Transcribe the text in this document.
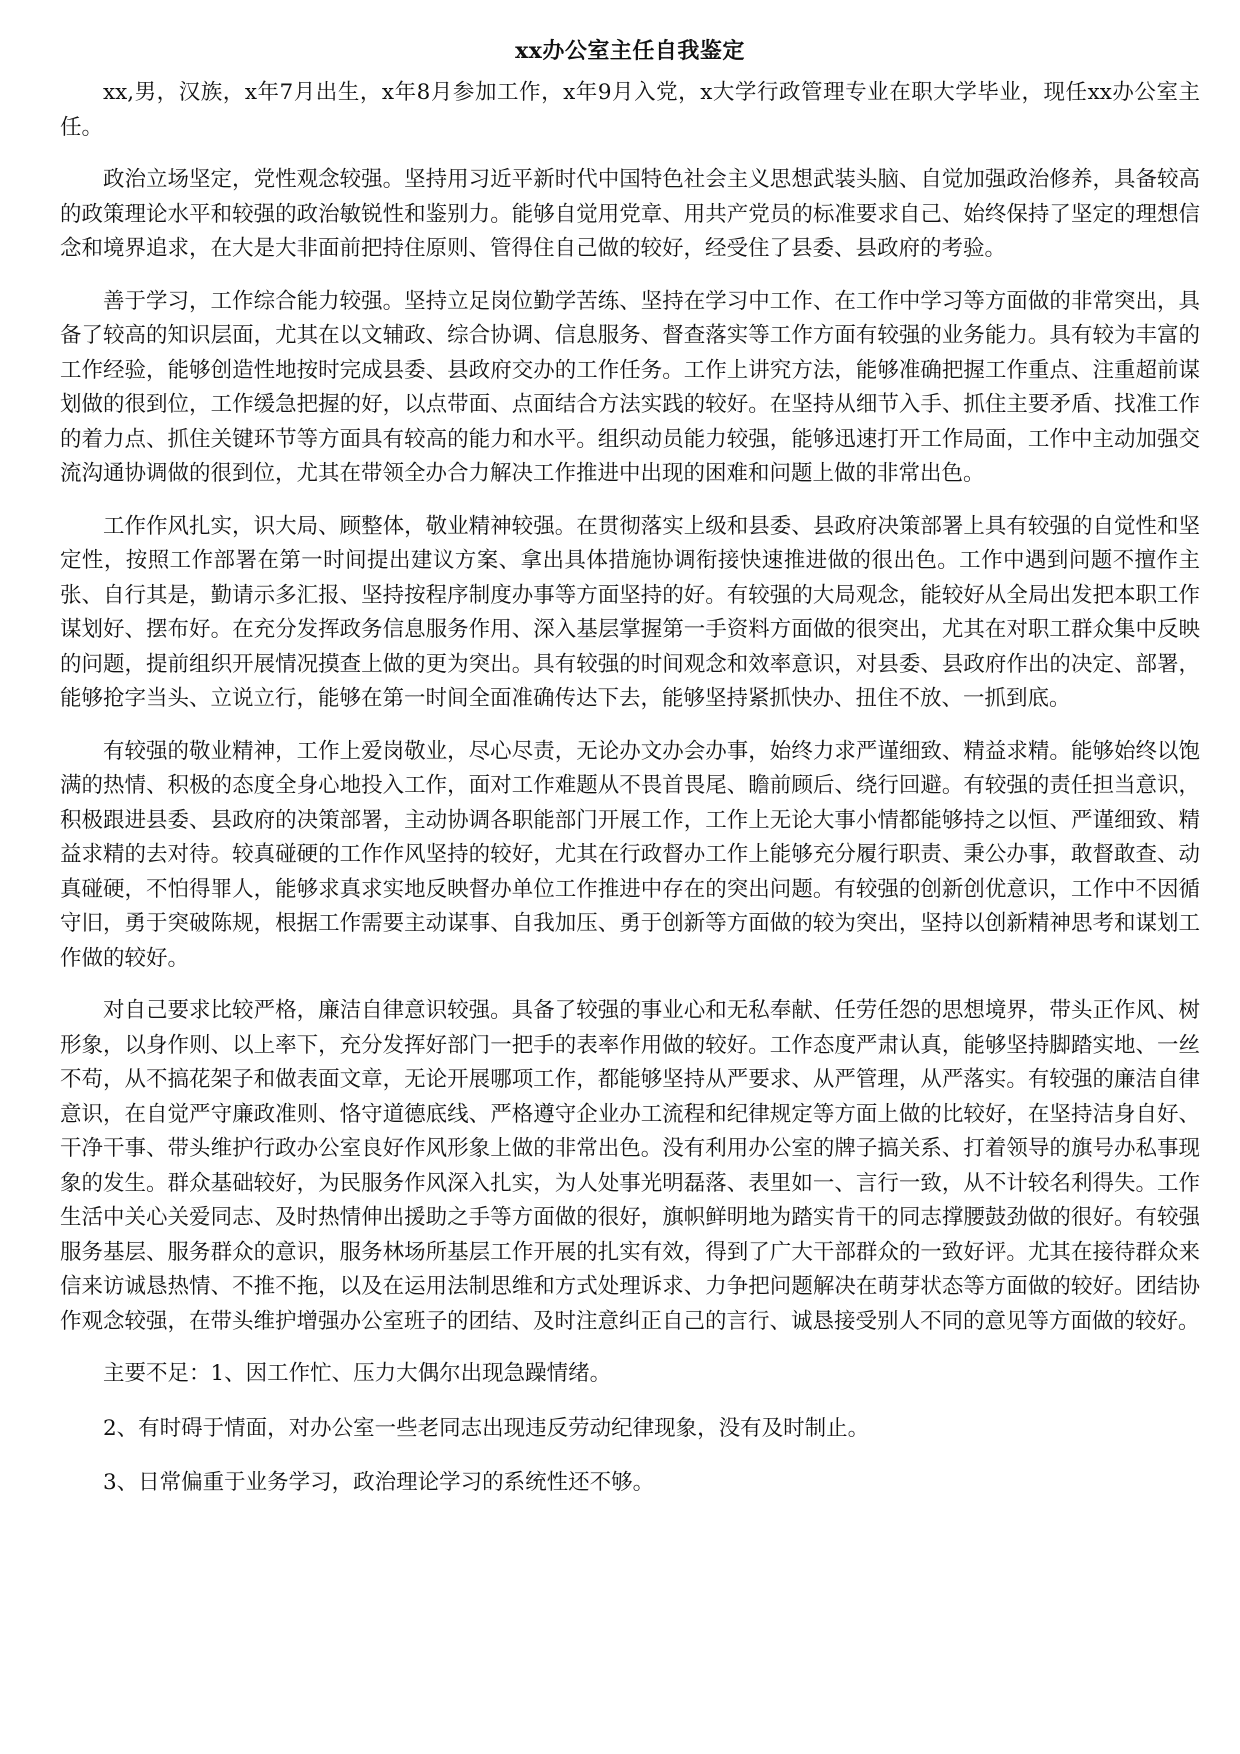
xx办公室主任自我鉴定

xx,男，汉族，x年7月出生，x年8月参加工作，x年9月入党，x大学行政管理专业在职大学毕业，现任xx办公室主任。

政治立场坚定，党性观念较强。坚持用习近平新时代中国特色社会主义思想武装头脑、自觉加强政治修养，具备较高的政策理论水平和较强的政治敏锐性和鉴别力。能够自觉用党章、用共产党员的标准要求自己、始终保持了坚定的理想信念和境界追求，在大是大非面前把持住原则、管得住自己做的较好，经受住了县委、县政府的考验。

善于学习，工作综合能力较强。坚持立足岗位勤学苦练、坚持在学习中工作、在工作中学习等方面做的非常突出，具备了较高的知识层面，尤其在以文辅政、综合协调、信息服务、督查落实等工作方面有较强的业务能力。具有较为丰富的工作经验，能够创造性地按时完成县委、县政府交办的工作任务。工作上讲究方法，能够准确把握工作重点、注重超前谋划做的很到位，工作缓急把握的好，以点带面、点面结合方法实践的较好。在坚持从细节入手、抓住主要矛盾、找准工作的着力点、抓住关键环节等方面具有较高的能力和水平。组织动员能力较强，能够迅速打开工作局面，工作中主动加强交流沟通协调做的很到位，尤其在带领全办合力解决工作推进中出现的困难和问题上做的非常出色。

工作作风扎实，识大局、顾整体，敬业精神较强。在贯彻落实上级和县委、县政府决策部署上具有较强的自觉性和坚定性，按照工作部署在第一时间提出建议方案、拿出具体措施协调衔接快速推进做的很出色。工作中遇到问题不擅作主张、自行其是，勤请示多汇报、坚持按程序制度办事等方面坚持的好。有较强的大局观念，能较好从全局出发把本职工作谋划好、摆布好。在充分发挥政务信息服务作用、深入基层掌握第一手资料方面做的很突出，尤其在对职工群众集中反映的问题，提前组织开展情况摸查上做的更为突出。具有较强的时间观念和效率意识，对县委、县政府作出的决定、部署，能够抢字当头、立说立行，能够在第一时间全面准确传达下去，能够坚持紧抓快办、扭住不放、一抓到底。

有较强的敬业精神，工作上爱岗敬业，尽心尽责，无论办文办会办事，始终力求严谨细致、精益求精。能够始终以饱满的热情、积极的态度全身心地投入工作，面对工作难题从不畏首畏尾、瞻前顾后、绕行回避。有较强的责任担当意识，积极跟进县委、县政府的决策部署，主动协调各职能部门开展工作，工作上无论大事小情都能够持之以恒、严谨细致、精益求精的去对待。较真碰硬的工作作风坚持的较好，尤其在行政督办工作上能够充分履行职责、秉公办事，敢督敢查、动真碰硬，不怕得罪人，能够求真求实地反映督办单位工作推进中存在的突出问题。有较强的创新创优意识，工作中不因循守旧，勇于突破陈规，根据工作需要主动谋事、自我加压、勇于创新等方面做的较为突出，坚持以创新精神思考和谋划工作做的较好。

对自己要求比较严格，廉洁自律意识较强。具备了较强的事业心和无私奉献、任劳任怨的思想境界，带头正作风、树形象，以身作则、以上率下，充分发挥好部门一把手的表率作用做的较好。工作态度严肃认真，能够坚持脚踏实地、一丝不苟，从不搞花架子和做表面文章，无论开展哪项工作，都能够坚持从严要求、从严管理，从严落实。有较强的廉洁自律意识，在自觉严守廉政准则、恪守道德底线、严格遵守企业办工流程和纪律规定等方面上做的比较好，在坚持洁身自好、干净干事、带头维护行政办公室良好作风形象上做的非常出色。没有利用办公室的牌子搞关系、打着领导的旗号办私事现象的发生。群众基础较好，为民服务作风深入扎实，为人处事光明磊落、表里如一、言行一致，从不计较名利得失。工作生活中关心关爱同志、及时热情伸出援助之手等方面做的很好，旗帜鲜明地为踏实肯干的同志撑腰鼓劲做的很好。有较强服务基层、服务群众的意识，服务林场所基层工作开展的扎实有效，得到了广大干部群众的一致好评。尤其在接待群众来信来访诚恳热情、不推不拖，以及在运用法制思维和方式处理诉求、力争把问题解决在萌芽状态等方面做的较好。团结协作观念较强，在带头维护增强办公室班子的团结、及时注意纠正自己的言行、诚恳接受别人不同的意见等方面做的较好。

主要不足：1、因工作忙、压力大偶尔出现急躁情绪。

2、有时碍于情面，对办公室一些老同志出现违反劳动纪律现象，没有及时制止。

3、日常偏重于业务学习，政治理论学习的系统性还不够。
